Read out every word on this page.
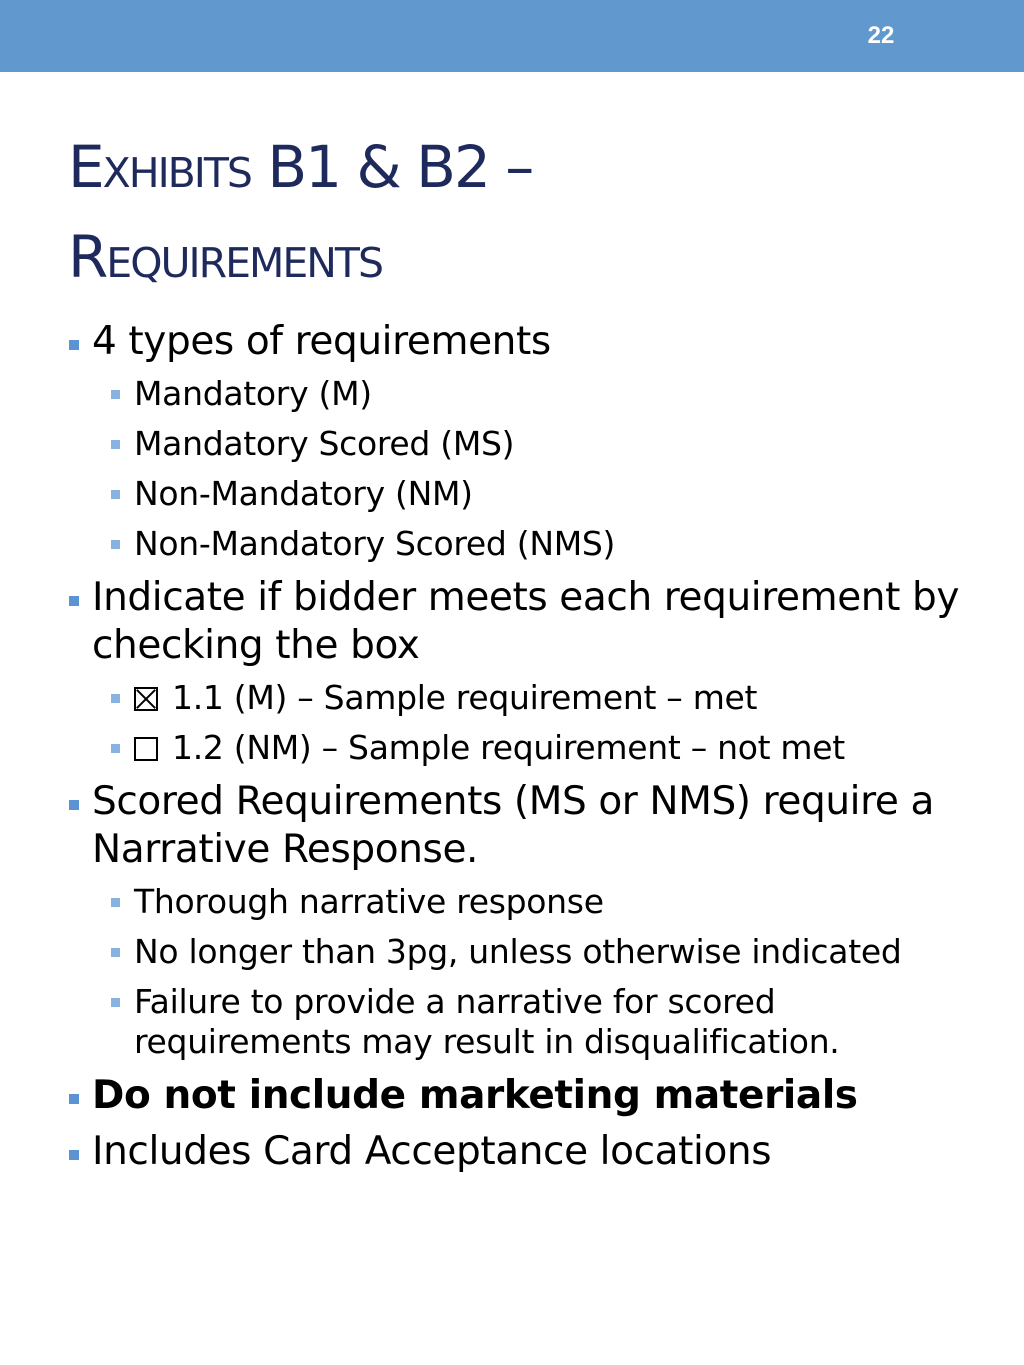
22
Exhibits B1 & B2 –
Requirements
4 types of requirements
Mandatory (M)
Mandatory Scored (MS)
Non-Mandatory (NM)
Non-Mandatory Scored (NMS)
Indicate if bidder meets each requirement by checking the box
1.1 (M) – Sample requirement – met
1.2 (NM) – Sample requirement – not met
Scored Requirements (MS or NMS) require a Narrative Response.
Thorough narrative response
No longer than 3pg, unless otherwise indicated
Failure to provide a narrative for scored requirements may result in disqualification.
Do not include marketing materials
Includes Card Acceptance locations
